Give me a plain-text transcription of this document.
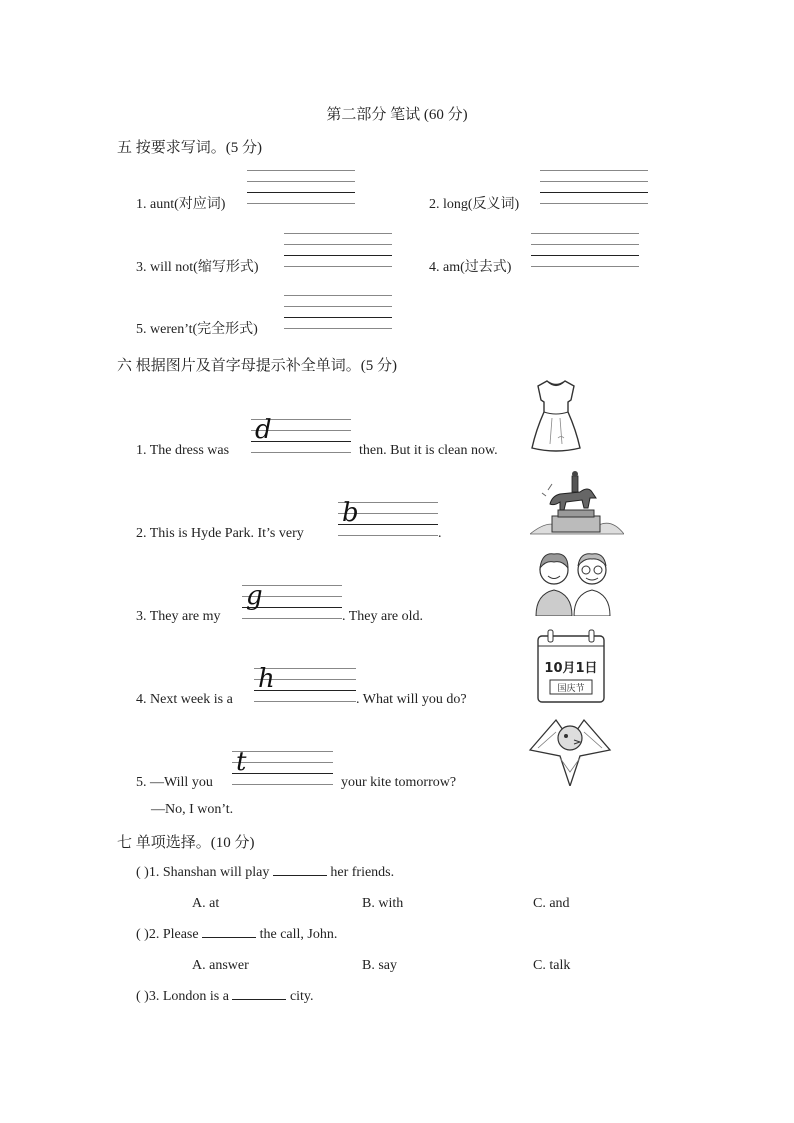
第二部分 笔试 (60 分)
五 按要求写词。(5 分)
1. aunt(对应词)	2. long(反义词)
3. will not(缩写形式)	4. am(过去式)
5. weren’t(完全形式)
六 根据图片及首字母提示补全单词。(5 分)
1. The dress was
d
then. But it is clean now.
2. This is Hyde Park. It’s very
b
.
3. They are my
g
. They are old.
4. Next week is a
h
. What will you do?
5. —Will you
t
your kite tomorrow?
—No, I won’t.
10月1日
国庆节
七 单项选择。(10 分)
( )1. Shanshan will play	her friends.
A. at	B. with	C. and
( )2. Please	the call, John.
A. answer	B. say	C. talk
( )3. London is a	city.
